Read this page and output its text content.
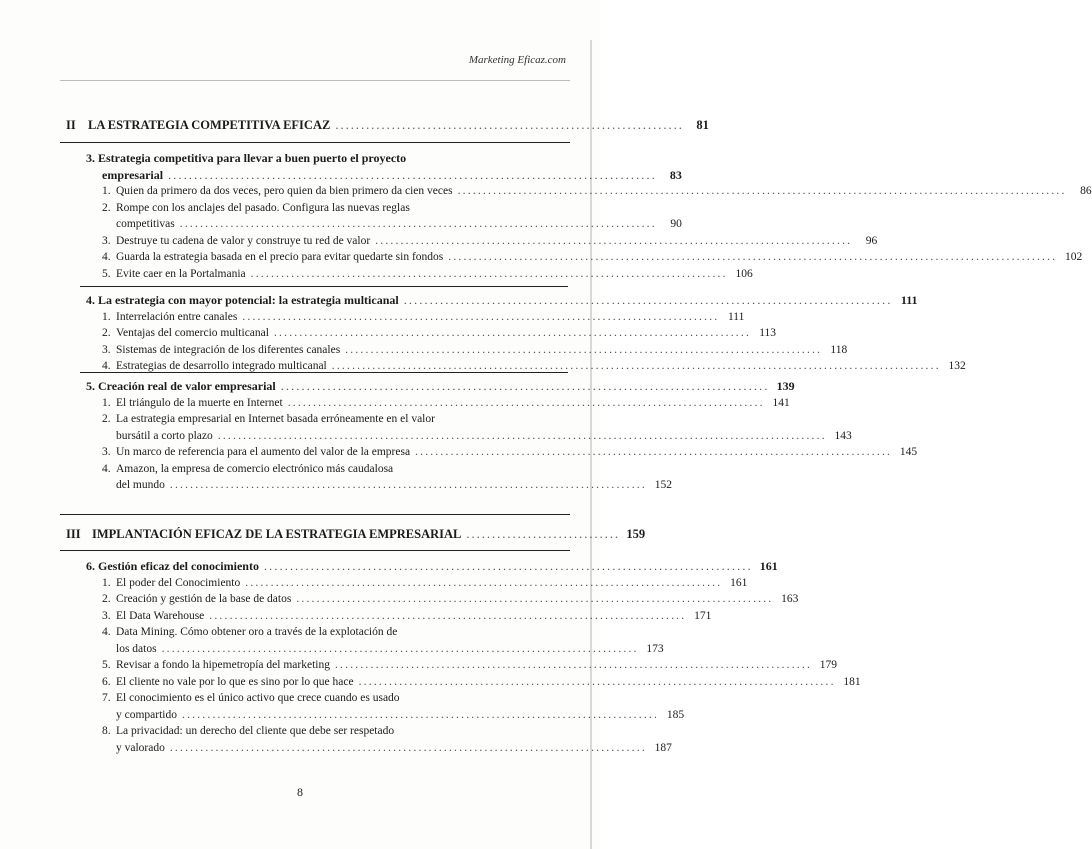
Marketing Eficaz.com
II LA ESTRATEGIA COMPETITIVA EFICAZ ....................................................................	81
3. Estrategia competitiva para llevar a buen puerto el proyecto
empresarial ..............................................................................................	83
1. Quien da primero da dos veces, pero quien da bien primero da cien veces ........................................................................................................................	86
2. Rompe con los anclajes del pasado. Configura las nuevas reglas
competitivas ..............................................................................................	90
3. Destruye tu cadena de valor y construye tu red de valor ..............................................................................................	96
4. Guarda la estrategia basada en el precio para evitar quedarte sin fondos ........................................................................................................................ 102
5. Evite caer en la Portalmania .............................................................................................. 106
4. La estrategia con mayor potencial: la estrategia multicanal .............................................................................................. 111
1. Interrelación entre canales .............................................................................................. 111
2. Ventajas del comercio multicanal .............................................................................................. 113
3. Sistemas de integración de los diferentes canales .............................................................................................. 118
4. Estrategias de desarrollo integrado multicanal ........................................................................................................................ 132
5. Creación real de valor empresarial .............................................................................................. 139
1. El triángulo de la muerte en Internet .............................................................................................. 141
2. La estrategia empresarial en Internet basada erróneamente en el valor
bursátil a corto plazo ........................................................................................................................ 143
3. Un marco de referencia para el aumento del valor de la empresa .............................................................................................. 145
4. Amazon, la empresa de comercio electrónico más caudalosa
del mundo .............................................................................................. 152
III IMPLANTACIÓN EFICAZ DE LA ESTRATEGIA EMPRESARIAL .............................. 159
6. Gestión eficaz del conocimiento .............................................................................................. 161
1. El poder del Conocimiento .............................................................................................. 161
2. Creación y gestión de la base de datos .............................................................................................. 163
3. El Data Warehouse .............................................................................................. 171
4. Data Mining. Cómo obtener oro a través de la explotación de
los datos .............................................................................................. 173
5. Revisar a fondo la hipemetropía del marketing .............................................................................................. 179
6. El cliente no vale por lo que es sino por lo que hace .............................................................................................. 181
7. El conocimiento es el único activo que crece cuando es usado
y compartido .............................................................................................. 185
8. La privacidad: un derecho del cliente que debe ser respetado
y valorado .............................................................................................. 187
8
